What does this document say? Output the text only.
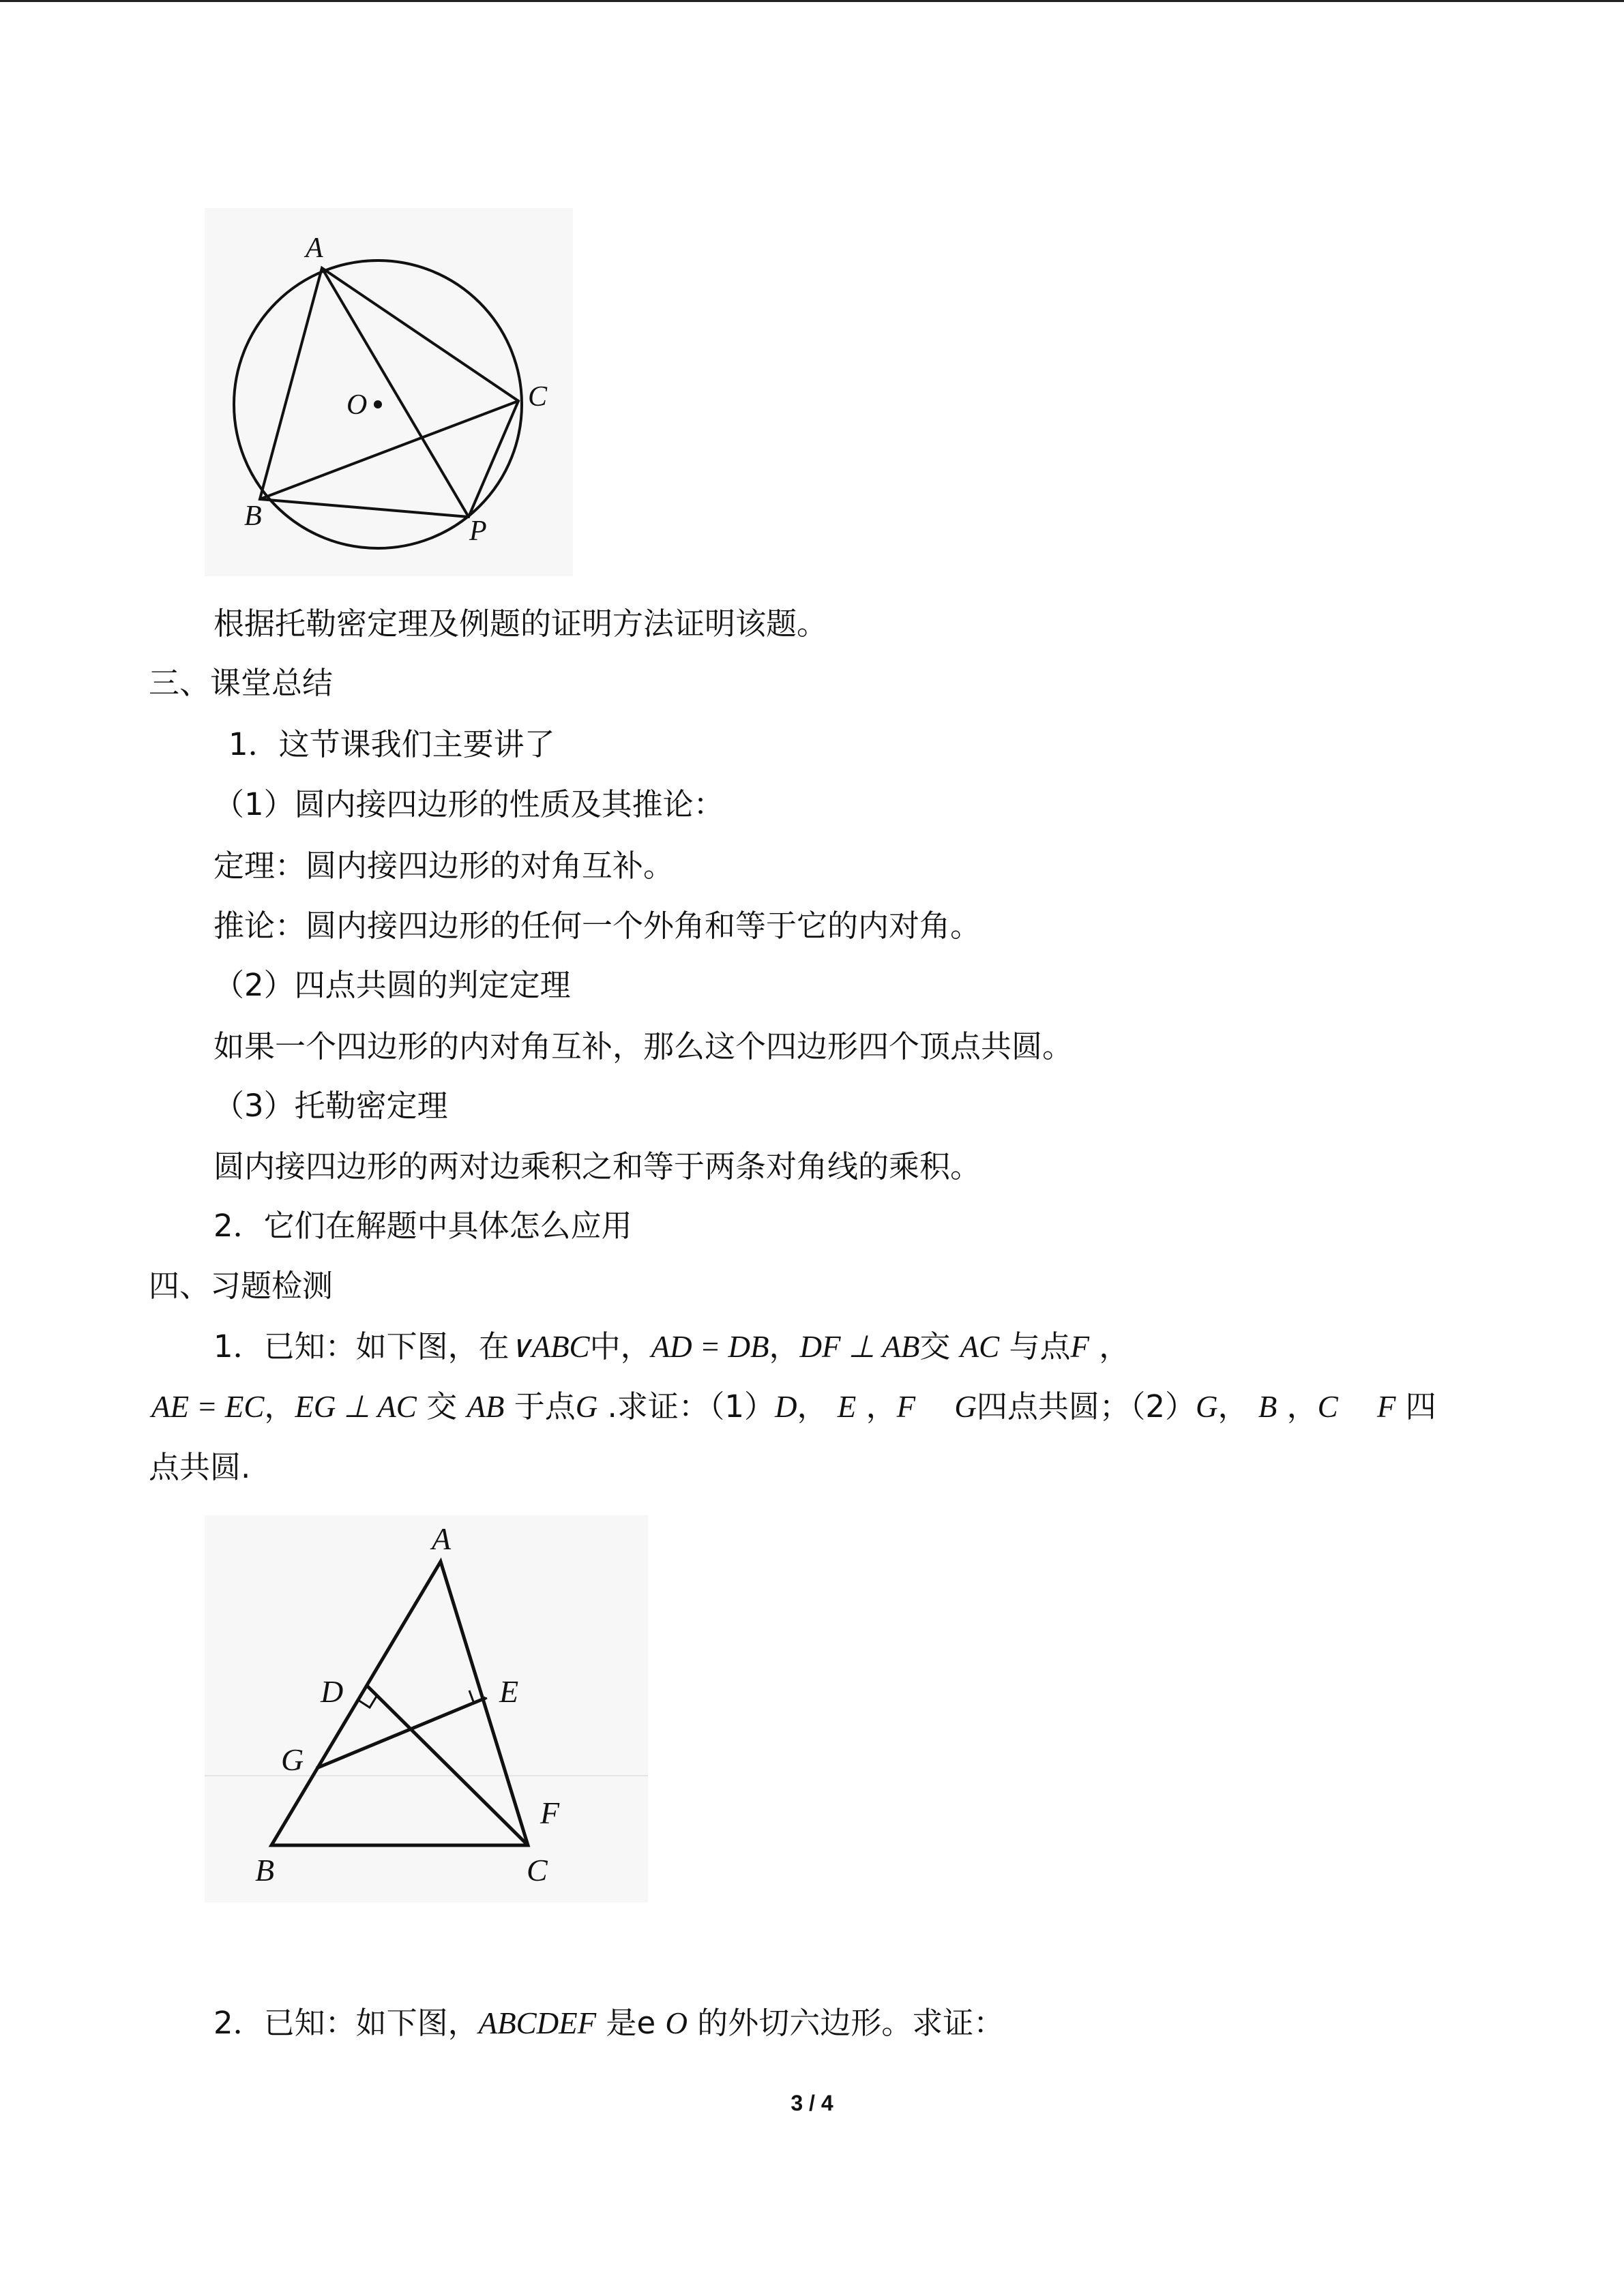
A
O	C
B	P
根据托勒密定理及例题的证明方法证明该题。
三、课堂总结
1．这节课我们主要讲了
（1）圆内接四边形的性质及其推论：
定理：圆内接四边形的对角互补。
推论：圆内接四边形的任何一个外角和等于它的内对角。
（2）四点共圆的判定定理
如果一个四边形的内对角互补，那么这个四边形四个顶点共圆。
（3）托勒密定理
圆内接四边形的两对边乘积之和等于两条对角线的乘积。
2．它们在解题中具体怎么应用
四、习题检测
1．已知：如下图，在∨ABC中，AD = DB，DF ⊥ AB交 AC 与点F ，
AE = EC，EG ⊥ AC 交 AB 于点G .求证：（1）D， E ，F G四点共圆；（2）G， B ，C F 四
点共圆.
A
D	E
G
F
B	C
2．已知：如下图，ABCDEF 是e O 的外切六边形。求证：
3 / 4
